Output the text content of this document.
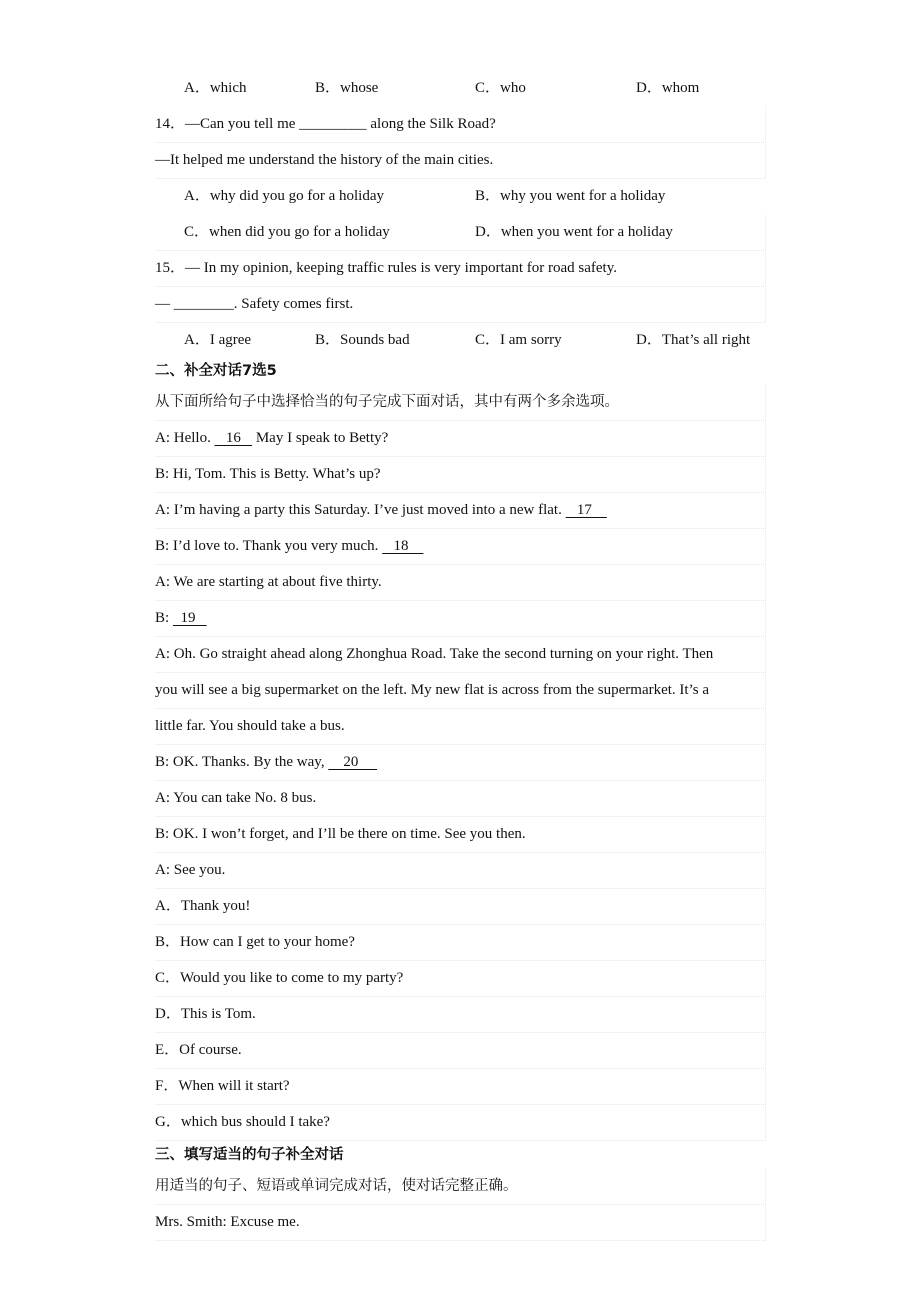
A．which	B．whose	C．who	D．whom
14．—Can you tell me _________ along the Silk Road?
—It helped me understand the history of the main cities.
A．why did you go for a holiday	B．why you went for a holiday
C．when did you go for a holiday	D．when you went for a holiday
15．— In my opinion, keeping traffic rules is very important for road safety.
— ________. Safety comes first.
A．I agree	B．Sounds bad	C．I am sorry	D．That’s all right
二、补全对话7选5
从下面所给句子中选择恰当的句子完成下面对话，其中有两个多余选项。
A: Hello.    16    May I speak to Betty?
B: Hi, Tom. This is Betty. What’s up?
A: I’m having a party this Saturday. I’ve just moved into a new flat.    17
B: I’d love to. Thank you very much.    18
A: We are starting at about five thirty.
B:   19
A: Oh. Go straight ahead along Zhonghua Road. Take the second turning on your right. Then
you will see a big supermarket on the left. My new flat is across from the supermarket. It’s a
little far. You should take a bus.
B: OK. Thanks. By the way,     20
A: You can take No. 8 bus.
B: OK. I won’t forget, and I’ll be there on time. See you then.
A: See you.
A．Thank you!
B．How can I get to your home?
C．Would you like to come to my party?
D．This is Tom.
E．Of course.
F．When will it start?
G．which bus should I take?
三、填写适当的句子补全对话
用适当的句子、短语或单词完成对话，使对话完整正确。
Mrs. Smith: Excuse me.
